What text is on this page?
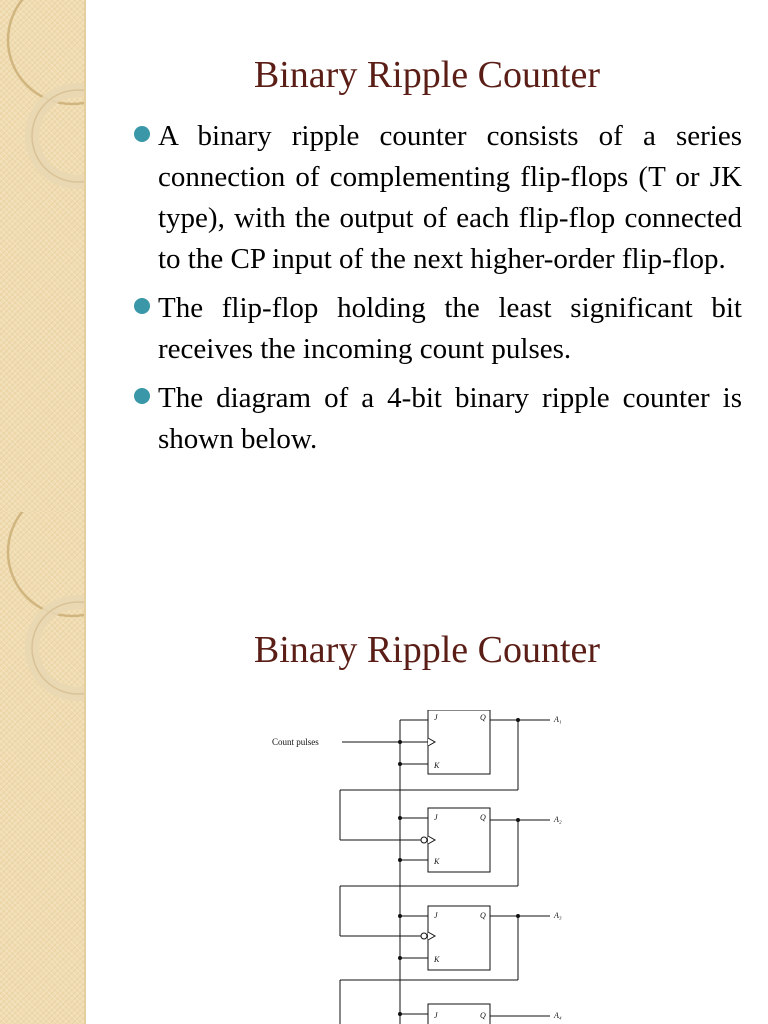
Binary Ripple Counter
A binary ripple counter consists of a series connection of complementing flip-flops (T or JK type), with the output of each flip-flop connected to the CP input of the next higher-order flip-flop.
The flip-flop holding the least significant bit receives the incoming count pulses.
The diagram of a 4-bit binary ripple counter is shown below.
Binary Ripple Counter
Count pulses
J	Q
K
J	Q
K
J	Q
K
J	Q
A₁
A₂
A₃
A₄
